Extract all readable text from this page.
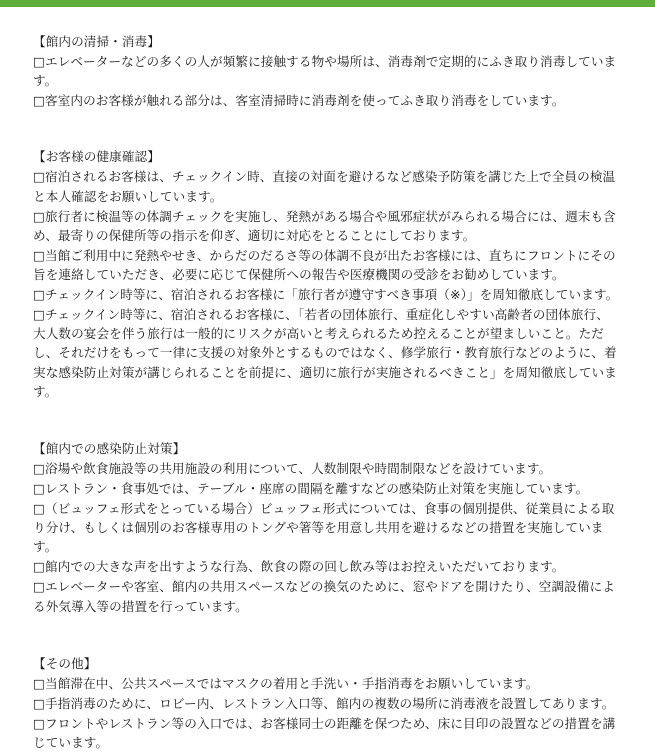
【館内の清掃・消毒】

□エレベーターなどの多くの人が頻繁に接触する物や場所は、消毒剤で定期的にふき取り消毒しています。

□客室内のお客様が触れる部分は、客室清掃時に消毒剤を使ってふき取り消毒をしています。

【お客様の健康確認】

□宿泊されるお客様は、チェックイン時、直接の対面を避けるなど感染予防策を講じた上で全員の検温と本人確認をお願いしています。

□旅行者に検温等の体調チェックを実施し、発熱がある場合や風邪症状がみられる場合には、週末も含め、最寄りの保健所等の指示を仰ぎ、適切に対応をとることにしております。

□当館ご利用中に発熱やせき、からだのだるさ等の体調不良が出たお客様には、直ちにフロントにその旨を連絡していただき、必要に応じて保健所への報告や医療機関の受診をお勧めしています。

□チェックイン時等に、宿泊されるお客様に「旅行者が遵守すべき事項（※）」を周知徹底しています。

□チェックイン時等に、宿泊されるお客様に、「若者の団体旅行、重症化しやすい高齢者の団体旅行、大人数の宴会を伴う旅行は一般的にリスクが高いと考えられるため控えることが望ましいこと。ただし、それだけをもって一律に支援の対象外とするものではなく、修学旅行・教育旅行などのように、着実な感染防止対策が講じられることを前提に、適切に旅行が実施されるべきこと」を周知徹底しています。

【館内での感染防止対策】

□浴場や飲食施設等の共用施設の利用について、人数制限や時間制限などを設けています。

□レストラン・食事処では、テーブル・座席の間隔を離すなどの感染防止対策を実施しています。

□（ビュッフェ形式をとっている場合）ビュッフェ形式については、食事の個別提供、従業員による取り分け、もしくは個別のお客様専用のトングや箸等を用意し共用を避けるなどの措置を実施しています。

□館内での大きな声を出すような行為、飲食の際の回し飲み等はお控えいただいております。

□エレベーターや客室、館内の共用スペースなどの換気のために、窓やドアを開けたり、空調設備による外気導入等の措置を行っています。

【その他】

□当館滞在中、公共スペースではマスクの着用と手洗い・手指消毒をお願いしています。

□手指消毒のために、ロビー内、レストラン入口等、館内の複数の場所に消毒液を設置してあります。

□フロントやレストラン等の入口では、お客様同士の距離を保つため、床に目印の設置などの措置を講じています。
